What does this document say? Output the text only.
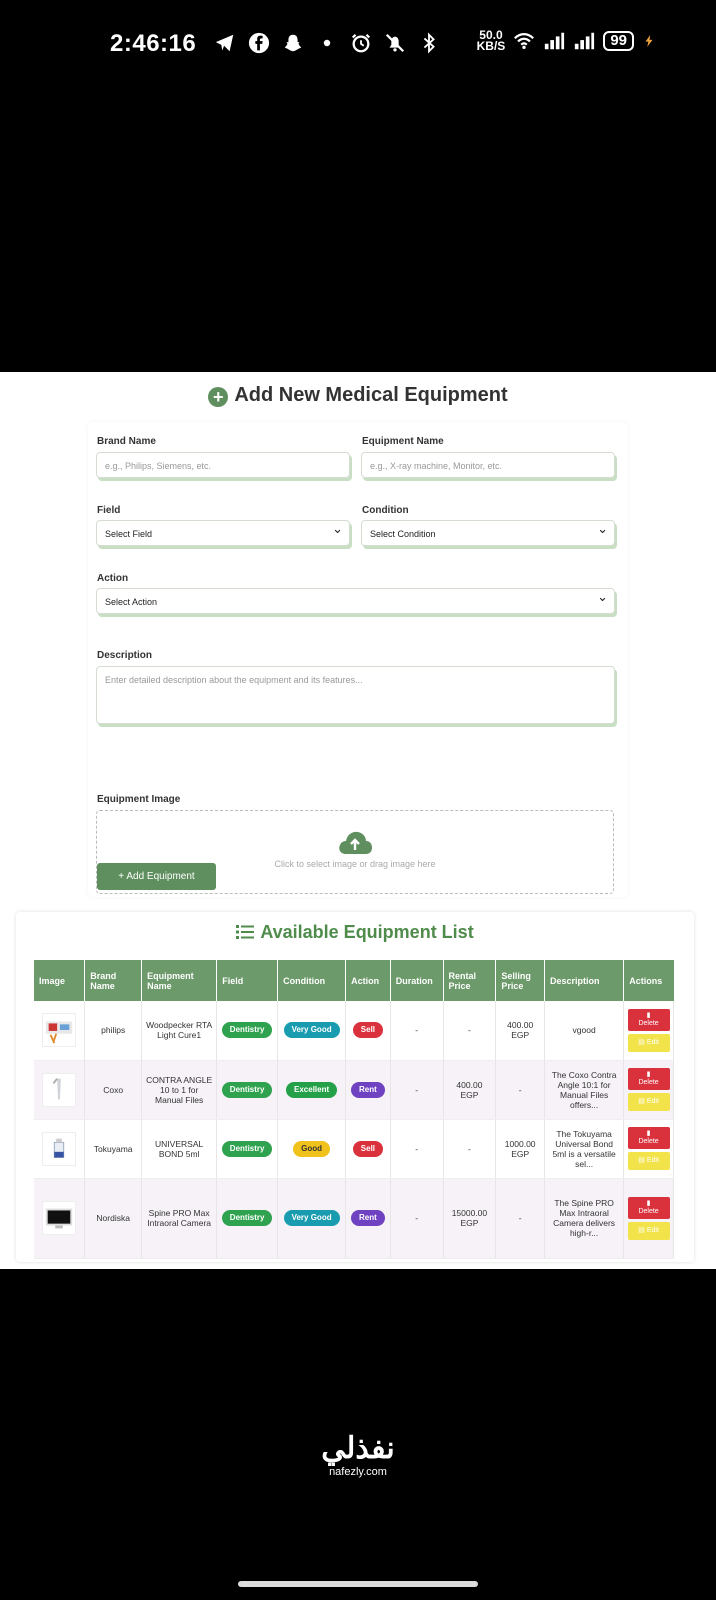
2:46:16	50.0
KB/S	99
+ Add New Medical Equipment
Brand Name
e.g., Philips, Siemens, etc.
Equipment Name
e.g., X-ray machine, Monitor, etc.
Field
Select Field ⌄
Condition
Select Condition ⌄
Action
Select Action ⌄
Description
Enter detailed description about the equipment and its features...
Equipment Image
Click to select image or drag image here
+ Add Equipment
Available Equipment List
Image	Brand Name	Equipment Name	Field	Condition	Action	Duration	Rental Price	Selling Price	Description	Actions

	philips	Woodpecker RTA Light Cure1	Dentistry	Very Good	Sell	-	-	400.00 EGP	vgood	▮
Delete
▤ Edit

	Coxo	CONTRA ANGLE 10 to 1 for Manual Files	Dentistry	Excellent	Rent	-	400.00 EGP	-	The Coxo Contra Angle 10:1 for Manual Files offers...	▮
Delete
▤ Edit

	Tokuyama	UNIVERSAL BOND 5ml	Dentistry	Good	Sell	-	-	1000.00 EGP	The Tokuyama Universal Bond 5ml is a versatile sel...	▮
Delete
▤ Edit

	Nordiska	Spine PRO Max Intraoral Camera	Dentistry	Very Good	Rent	-	15000.00 EGP	-	The Spine PRO Max Intraoral Camera delivers high-r...	▮
Delete
▤ Edit
نفذلي
nafezly.com
